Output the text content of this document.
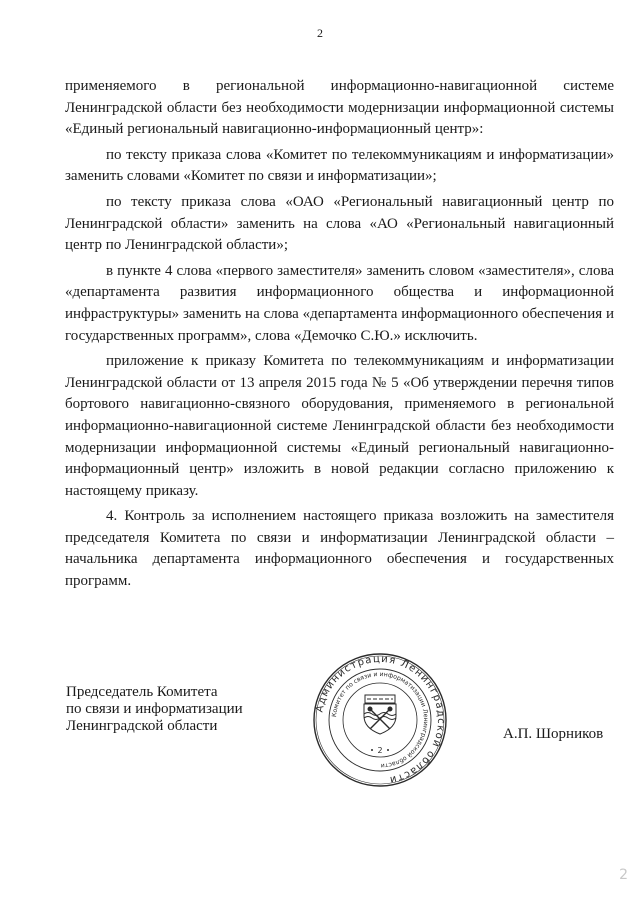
2

применяемого в региональной информационно-навигационной системе Ленинградской области без необходимости модернизации информационной системы «Единый региональный навигационно-информационный центр»:

по тексту приказа слова «Комитет по телекоммуникациям и информатизации» заменить словами «Комитет по связи и информатизации»;

по тексту приказа слова «ОАО «Региональный навигационный центр по Ленинградской области» заменить на слова «АО «Региональный навигационный центр по Ленинградской области»;

в пункте 4 слова «первого заместителя» заменить словом «заместителя», слова «департамента развития информационного общества и информационной инфраструктуры» заменить на слова «департамента информационного обеспечения и государственных программ», слова «Демочко С.Ю.» исключить.

приложение к приказу Комитета по телекоммуникациям и информатизации Ленинградской области от 13 апреля 2015 года № 5 «Об утверждении перечня типов бортового навигационно-связного оборудования, применяемого в региональной информационно-навигационной системе Ленинградской области без необходимости модернизации информационной системы «Единый региональный навигационно-информационный центр» изложить в новой редакции согласно приложению к настоящему приказу.

4. Контроль за исполнением настоящего приказа возложить на заместителя председателя Комитета по связи и информатизации Ленинградской области – начальника департамента информационного обеспечения и государственных программ.

Председатель Комитета
по связи и информатизации
Ленинградской области	А.П. Шорников
Администрация Ленинградской области
Комитет по связи и информатизации Ленинградской области
2
2
